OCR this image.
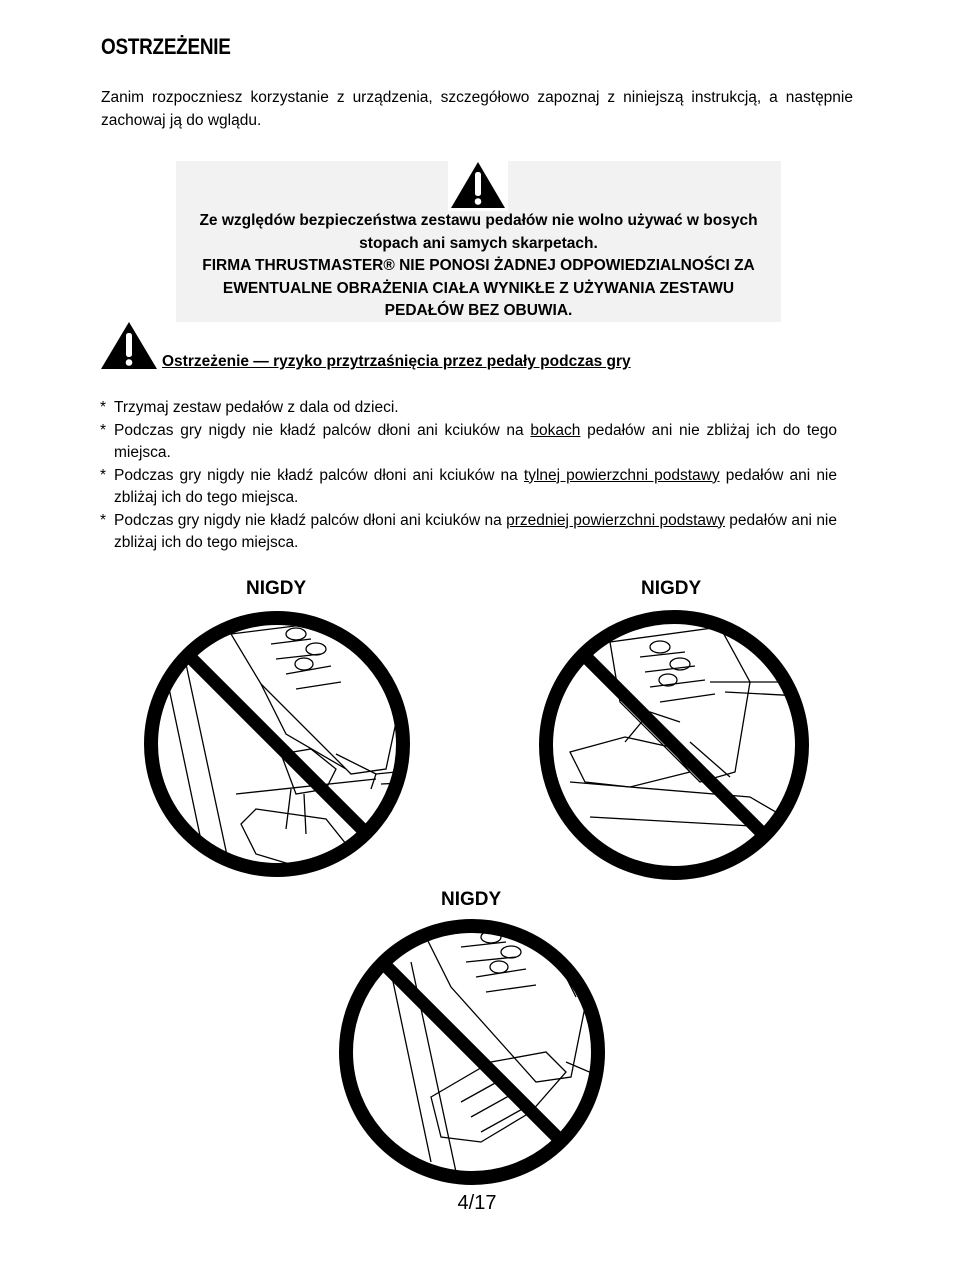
OSTRZEŻENIE

Zanim rozpoczniesz korzystanie z urządzenia, szczegółowo zapoznaj z niniejszą instrukcją, a następnie zachowaj ją do wglądu.

Ze względów bezpieczeństwa zestawu pedałów nie wolno używać w bosych stopach ani samych skarpetach.
FIRMA THRUSTMASTER® NIE PONOSI ŻADNEJ ODPOWIEDZIALNOŚCI ZA EWENTUALNE OBRAŻENIA CIAŁA WYNIKŁE Z UŻYWANIA ZESTAWU PEDAŁÓW BEZ OBUWIA.
Ostrzeżenie — ryzyko przytrzaśnięcia przez pedały podczas gry
* Trzymaj zestaw pedałów z dala od dzieci.
* Podczas gry nigdy nie kładź palców dłoni ani kciuków na bokach pedałów ani nie zbliżaj ich do tego miejsca.
* Podczas gry nigdy nie kładź palców dłoni ani kciuków na tylnej powierzchni podstawy pedałów ani nie zbliżaj ich do tego miejsca.
* Podczas gry nigdy nie kładź palców dłoni ani kciuków na przedniej powierzchni podstawy pedałów ani nie zbliżaj ich do tego miejsca.
NIGDY	NIGDY
NIGDY
4/17
